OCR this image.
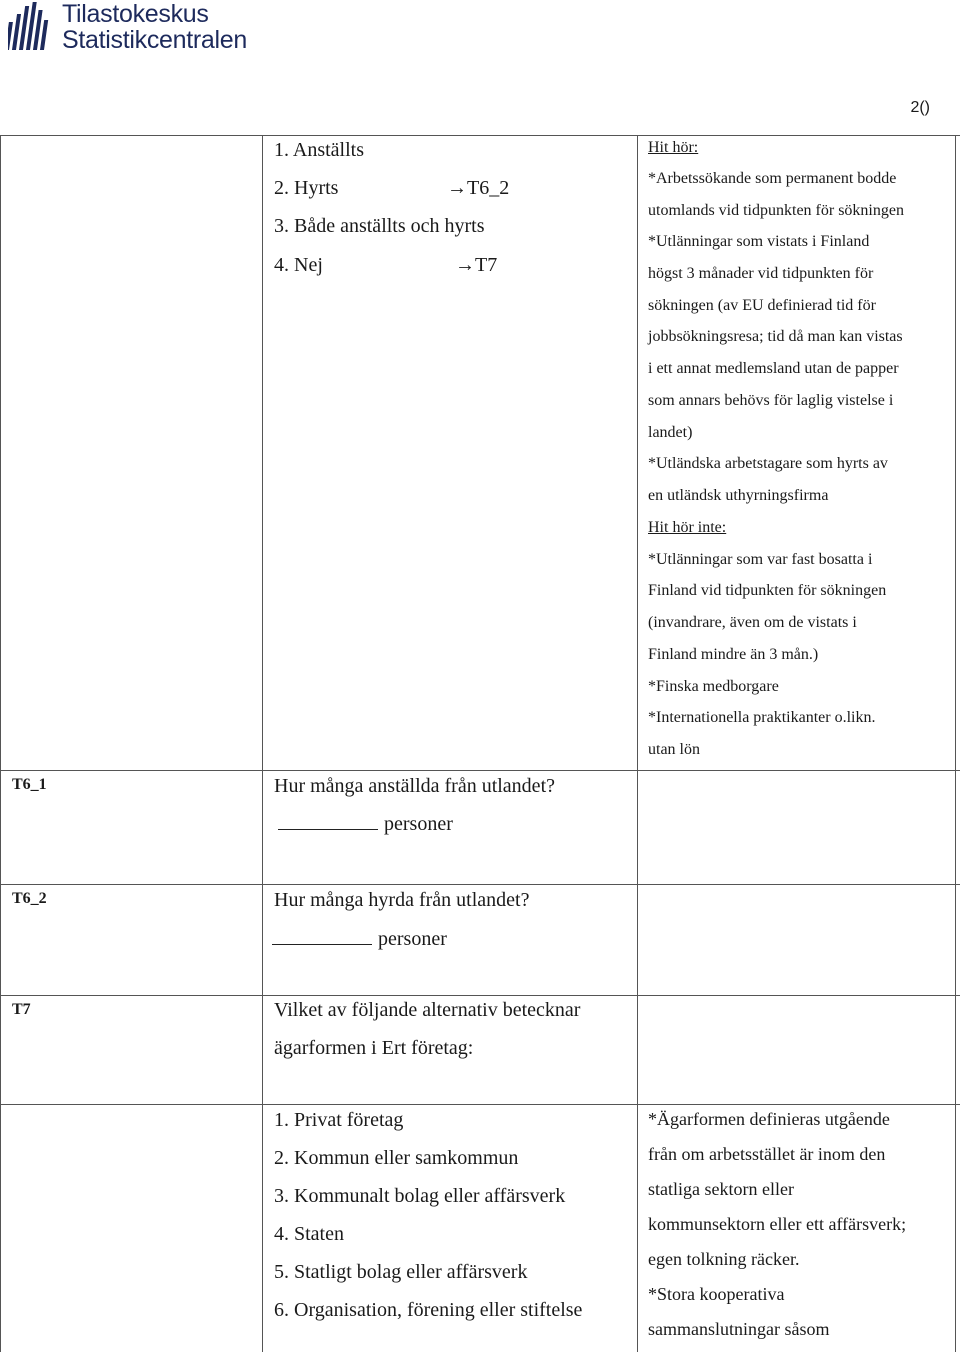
Tilastokeskus
Statistikcentralen
2()
1. Anställts
2. Hyrts	→T6_2
3. Både anställts och hyrts
4. Nej	→T7
Hit hör:
*Arbetssökande som permanent bodde
utomlands vid tidpunkten för sökningen
*Utlänningar som vistats i Finland
högst 3 månader vid tidpunkten för
sökningen (av EU definierad tid för
jobbsökningsresa; tid då man kan vistas
i ett annat medlemsland utan de papper
som annars behövs för laglig vistelse i
landet)
*Utländska arbetstagare som hyrts av
en utländsk uthyrningsfirma
Hit hör inte:
*Utlänningar som var fast bosatta i
Finland vid tidpunkten för sökningen
(invandrare, även om de vistats i
Finland mindre än 3 mån.)
*Finska medborgare
*Internationella praktikanter o.likn.
utan lön
T6_1	Hur många anställda från utlandet?
personer
T6_2	Hur många hyrda från utlandet?
personer
T7	Vilket av följande alternativ betecknar
ägarformen i Ert företag:
1. Privat företag
2. Kommun eller samkommun
3. Kommunalt bolag eller affärsverk
4. Staten
5. Statligt bolag eller affärsverk
6. Organisation, förening eller stiftelse
*Ägarformen definieras utgående
från om arbetsstället är inom den
statliga sektorn eller
kommunsektorn eller ett affärsverk;
egen tolkning räcker.
*Stora kooperativa
sammanslutningar såsom
